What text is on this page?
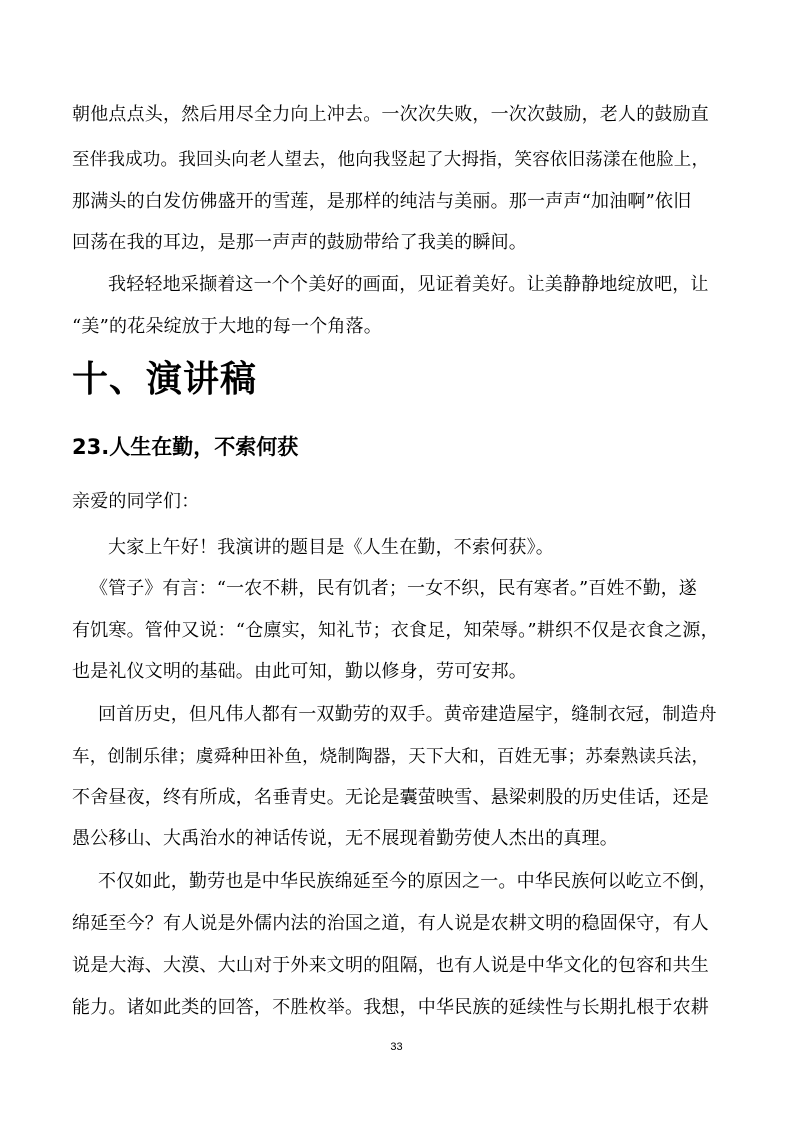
朝他点点头，然后用尽全力向上冲去。一次次失败，一次次鼓励，老人的鼓励直
至伴我成功。我回头向老人望去，他向我竖起了大拇指，笑容依旧荡漾在他脸上，
那满头的白发仿佛盛开的雪莲，是那样的纯洁与美丽。那一声声“加油啊”依旧
回荡在我的耳边，是那一声声的鼓励带给了我美的瞬间。
我轻轻地采撷着这一个个美好的画面，见证着美好。让美静静地绽放吧，让
“美”的花朵绽放于大地的每一个角落。
十、演讲稿
23.人生在勤，不索何获
亲爱的同学们：
大家上午好！我演讲的题目是《人生在勤，不索何获》。
《管子》有言：“一农不耕，民有饥者；一女不织，民有寒者。”百姓不勤，遂
有饥寒。管仲又说：“仓廪实，知礼节；衣食足，知荣辱。”耕织不仅是衣食之源，
也是礼仪文明的基础。由此可知，勤以修身，劳可安邦。
回首历史，但凡伟人都有一双勤劳的双手。黄帝建造屋宇，缝制衣冠，制造舟
车，创制乐律；虞舜种田补鱼，烧制陶器，天下大和，百姓无事；苏秦熟读兵法，
不舍昼夜，终有所成，名垂青史。无论是囊萤映雪、悬梁刺股的历史佳话，还是
愚公移山、大禹治水的神话传说，无不展现着勤劳使人杰出的真理。
不仅如此，勤劳也是中华民族绵延至今的原因之一。中华民族何以屹立不倒，
绵延至今？有人说是外儒内法的治国之道，有人说是农耕文明的稳固保守，有人
说是大海、大漠、大山对于外来文明的阻隔，也有人说是中华文化的包容和共生
能力。诸如此类的回答，不胜枚举。我想，中华民族的延续性与长期扎根于农耕
33
